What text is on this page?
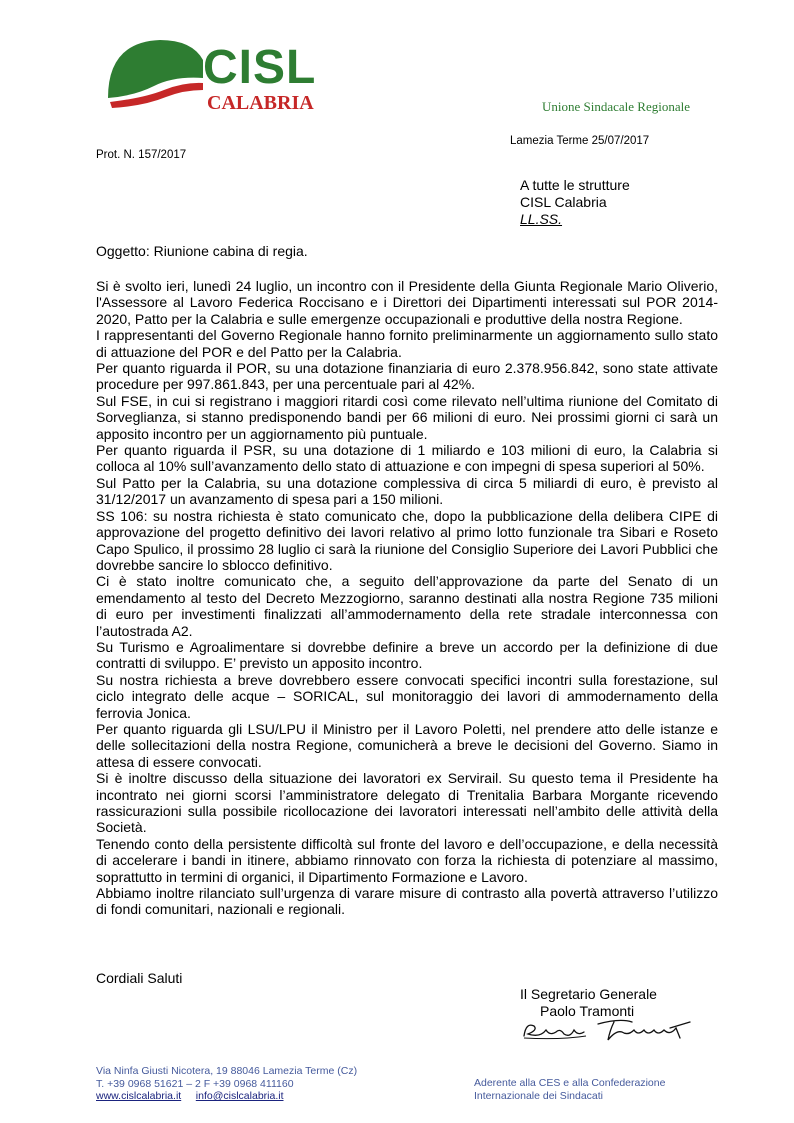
CISL
CALABRIA	Unione Sindacale Regionale
Lamezia Terme 25/07/2017
Prot. N. 157/2017
A tutte le strutture
CISL Calabria
LL.SS.
Oggetto: Riunione cabina di regia.

Si è svolto ieri, lunedì 24 luglio, un incontro con il Presidente della Giunta Regionale Mario Oliverio, l'Assessore al Lavoro Federica Roccisano e i Direttori dei Dipartimenti interessati sul POR 2014-2020, Patto per la Calabria e sulle emergenze occupazionali e produttive della nostra Regione.

I rappresentanti del Governo Regionale hanno fornito preliminarmente un aggiornamento sullo stato di attuazione del POR e del Patto per la Calabria.

Per quanto riguarda il POR, su una dotazione finanziaria di euro 2.378.956.842, sono state attivate procedure per 997.861.843, per una percentuale pari al 42%.

Sul FSE, in cui si registrano i maggiori ritardi così come rilevato nell’ultima riunione del Comitato di Sorveglianza, si stanno predisponendo bandi per 66 milioni di euro. Nei prossimi giorni ci sarà un apposito incontro per un aggiornamento più puntuale.

Per quanto riguarda il PSR, su una dotazione di 1 miliardo e 103 milioni di euro, la Calabria si colloca al 10% sull’avanzamento dello stato di attuazione e con impegni di spesa superiori al 50%.

Sul Patto per la Calabria, su una dotazione complessiva di circa 5 miliardi di euro, è previsto al 31/12/2017 un avanzamento di spesa pari a 150 milioni.

SS 106: su nostra richiesta è stato comunicato che, dopo la pubblicazione della delibera CIPE di approvazione del progetto definitivo dei lavori relativo al primo lotto funzionale tra Sibari e Roseto Capo Spulico, il prossimo 28 luglio ci sarà la riunione del Consiglio Superiore dei Lavori Pubblici che dovrebbe sancire lo sblocco definitivo.

Ci è stato inoltre comunicato che, a seguito dell’approvazione da parte del Senato di un emendamento al testo del Decreto Mezzogiorno, saranno destinati alla nostra Regione 735 milioni di euro per investimenti finalizzati all’ammodernamento della rete stradale interconnessa con l’autostrada A2.

Su Turismo e Agroalimentare si dovrebbe definire a breve un accordo per la definizione di due contratti di sviluppo. E’ previsto un apposito incontro.

Su nostra richiesta a breve dovrebbero essere convocati specifici incontri sulla forestazione, sul ciclo integrato delle acque – SORICAL, sul monitoraggio dei lavori di ammodernamento della ferrovia Jonica.

Per quanto riguarda gli LSU/LPU il Ministro per il Lavoro Poletti, nel prendere atto delle istanze e delle sollecitazioni della nostra Regione, comunicherà a breve le decisioni del Governo. Siamo in attesa di essere convocati.

Si è inoltre discusso della situazione dei lavoratori ex Servirail. Su questo tema il Presidente ha incontrato nei giorni scorsi l’amministratore delegato di Trenitalia Barbara Morgante ricevendo rassicurazioni sulla possibile ricollocazione dei lavoratori interessati nell’ambito delle attività della Società.

Tenendo conto della persistente difficoltà sul fronte del lavoro e dell’occupazione, e della necessità di accelerare i bandi in itinere, abbiamo rinnovato con forza la richiesta di potenziare al massimo, soprattutto in termini di organici, il Dipartimento Formazione e Lavoro.

Abbiamo inoltre rilanciato sull’urgenza di varare misure di contrasto alla povertà attraverso l’utilizzo di fondi comunitari, nazionali e regionali.

Cordiali Saluti
Il Segretario Generale
Paolo Tramonti
Via Ninfa Giusti Nicotera, 19 88046 Lamezia Terme (Cz)
T. +39 0968 51621 – 2 F +39 0968 411160
www.cislcalabria.it info@cislcalabria.it
Aderente alla CES e alla Confederazione
Internazionale dei Sindacati
